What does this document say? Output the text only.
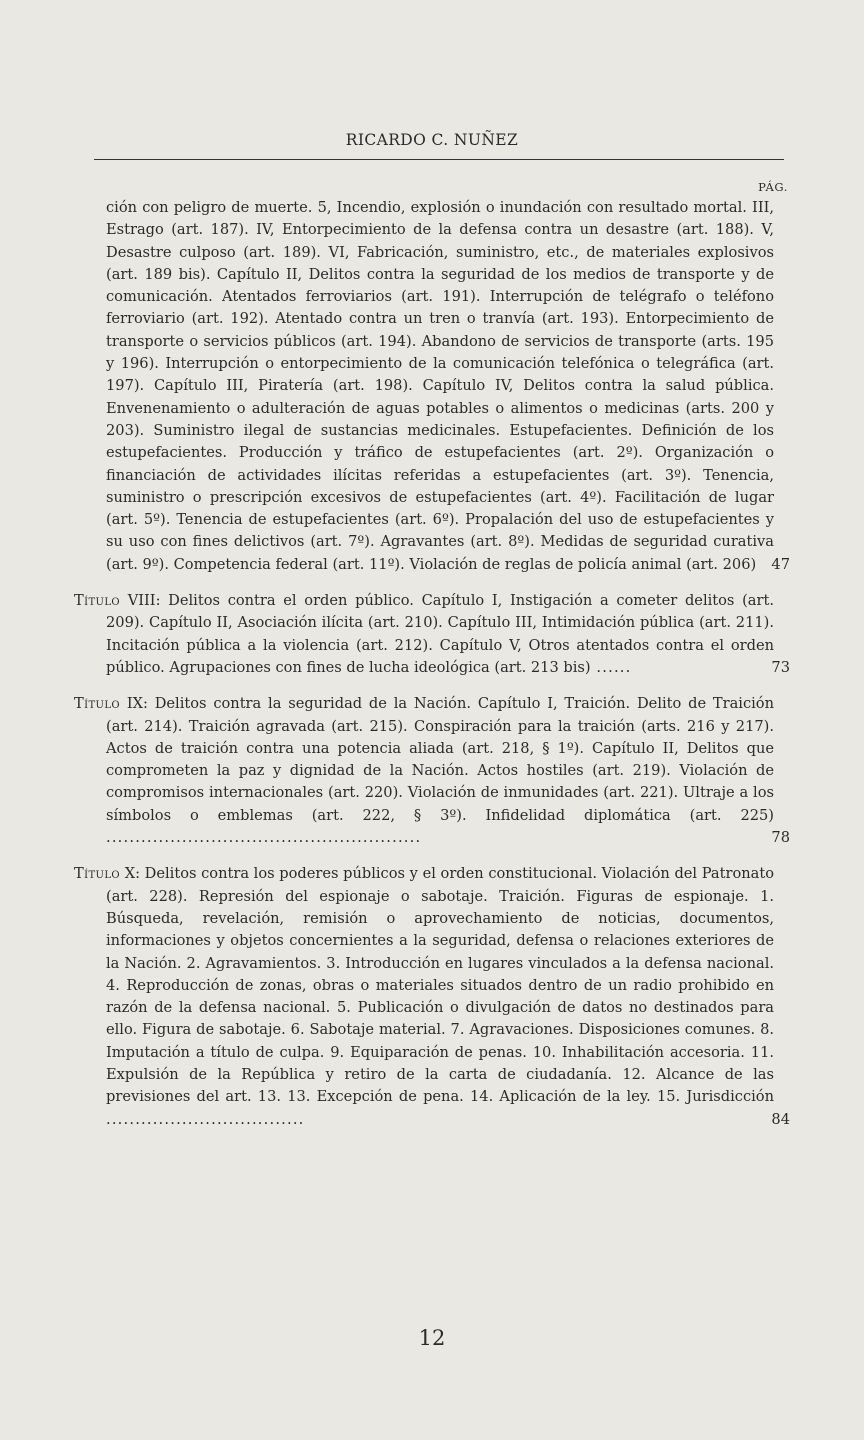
RICARDO C. NUÑEZ
PÁG.
ción con peligro de muerte. 5, Incendio, explosión o inundación con resultado mortal. III, Estrago (art. 187). IV, Entorpecimiento de la defensa contra un desastre (art. 188). V, Desastre culposo (art. 189). VI, Fabricación, suministro, etc., de materiales explosivos (art. 189 bis). Capítulo II, Delitos contra la seguridad de los medios de transporte y de comunicación. Atentados ferroviarios (art. 191). Interrupción de telégrafo o teléfono ferroviario (art. 192). Atentado contra un tren o tranvía (art. 193). Entorpecimiento de transporte o servicios públicos (art. 194). Abandono de servicios de transporte (arts. 195 y 196). Interrupción o entorpecimiento de la comunicación telefónica o telegráfica (art. 197). Capítulo III, Piratería (art. 198). Capítulo IV, Delitos contra la salud pública. Envenenamiento o adulteración de aguas potables o alimentos o medicinas (arts. 200 y 203). Suministro ilegal de sustancias medicinales. Estupefacientes. Definición de los estupefacientes. Producción y tráfico de estupefacientes (art. 2º). Organización o financiación de actividades ilícitas referidas a estupefacientes (art. 3º). Tenencia, suministro o prescripción excesivos de estupefacientes (art. 4º). Facilitación de lugar (art. 5º). Tenencia de estupefacientes (art. 6º). Propalación del uso de estupefacientes y su uso con fines delictivos (art. 7º). Agravantes (art. 8º). Medidas de seguridad curativa (art. 9º). Competencia federal (art. 11º). Violación de reglas de policía animal (art. 206)	47
Título VIII: Delitos contra el orden público. Capítulo I, Instigación a cometer delitos (art. 209). Capítulo II, Asociación ilícita (art. 210). Capítulo III, Intimidación pública (art. 211). Incitación pública a la violencia (art. 212). Capítulo V, Otros atentados contra el orden público. Agrupaciones con fines de lucha ideológica (art. 213 bis) ......	73
Título IX: Delitos contra la seguridad de la Nación. Capítulo I, Traición. Delito de Traición (art. 214). Traición agravada (art. 215). Conspiración para la traición (arts. 216 y 217). Actos de traición contra una potencia aliada (art. 218, § 1º). Capítulo II, Delitos que comprometen la paz y dignidad de la Nación. Actos hostiles (art. 219). Violación de compromisos internacionales (art. 220). Violación de inmunidades (art. 221). Ultraje a los símbolos o emblemas (art. 222, § 3º). Infidelidad diplomática (art. 225) ......................................................	78
Título X: Delitos contra los poderes públicos y el orden constitucional. Violación del Patronato (art. 228). Represión del espionaje o sabotaje. Traición. Figuras de espionaje. 1. Búsqueda, revelación, remisión o aprovechamiento de noticias, documentos, informaciones y objetos concernientes a la seguridad, defensa o relaciones exteriores de la Nación. 2. Agravamientos. 3. Introducción en lugares vinculados a la defensa nacional. 4. Reproducción de zonas, obras o materiales situados dentro de un radio prohibido en razón de la defensa nacional. 5. Publicación o divulgación de datos no destinados para ello. Figura de sabotaje. 6. Sabotaje material. 7. Agravaciones. Disposiciones comunes. 8. Imputación a título de culpa. 9. Equiparación de penas. 10. Inhabilitación accesoria. 11. Expulsión de la República y retiro de la carta de ciudadanía. 12. Alcance de las previsiones del art. 13. 13. Excepción de pena. 14. Aplicación de la ley. 15. Jurisdicción ..................................	84
12
